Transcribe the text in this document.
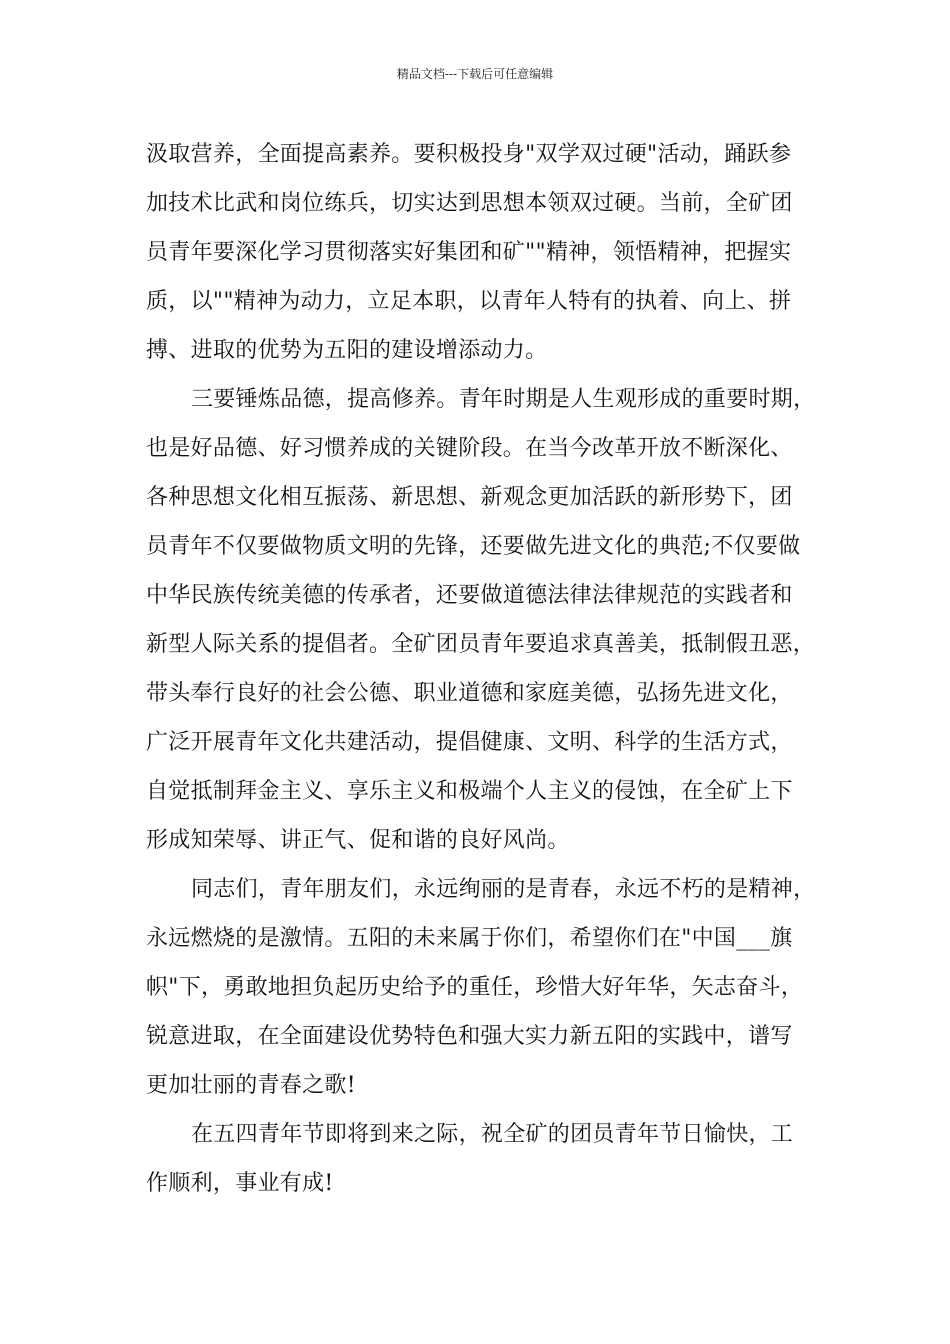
精品文档---下载后可任意编辑
汲取营养，全面提高素养。要积极投身"双学双过硬"活动，踊跃参
加技术比武和岗位练兵，切实达到思想本领双过硬。当前，全矿团
员青年要深化学习贯彻落实好集团和矿""精神，领悟精神，把握实
质，以""精神为动力，立足本职，以青年人特有的执着、向上、拼
搏、进取的优势为五阳的建设增添动力。
三要锤炼品德，提高修养。青年时期是人生观形成的重要时期，
也是好品德、好习惯养成的关键阶段。在当今改革开放不断深化、
各种思想文化相互振荡、新思想、新观念更加活跃的新形势下，团
员青年不仅要做物质文明的先锋，还要做先进文化的典范;不仅要做
中华民族传统美德的传承者，还要做道德法律法律规范的实践者和
新型人际关系的提倡者。全矿团员青年要追求真善美，抵制假丑恶，
带头奉行良好的社会公德、职业道德和家庭美德，弘扬先进文化，
广泛开展青年文化共建活动，提倡健康、文明、科学的生活方式，
自觉抵制拜金主义、享乐主义和极端个人主义的侵蚀，在全矿上下
形成知荣辱、讲正气、促和谐的良好风尚。
同志们，青年朋友们，永远绚丽的是青春，永远不朽的是精神，
永远燃烧的是激情。五阳的未来属于你们，希望你们在"中国___旗
帜"下，勇敢地担负起历史给予的重任，珍惜大好年华，矢志奋斗，
锐意进取，在全面建设优势特色和强大实力新五阳的实践中，谱写
更加壮丽的青春之歌!
在五四青年节即将到来之际，祝全矿的团员青年节日愉快，工
作顺利，事业有成!
